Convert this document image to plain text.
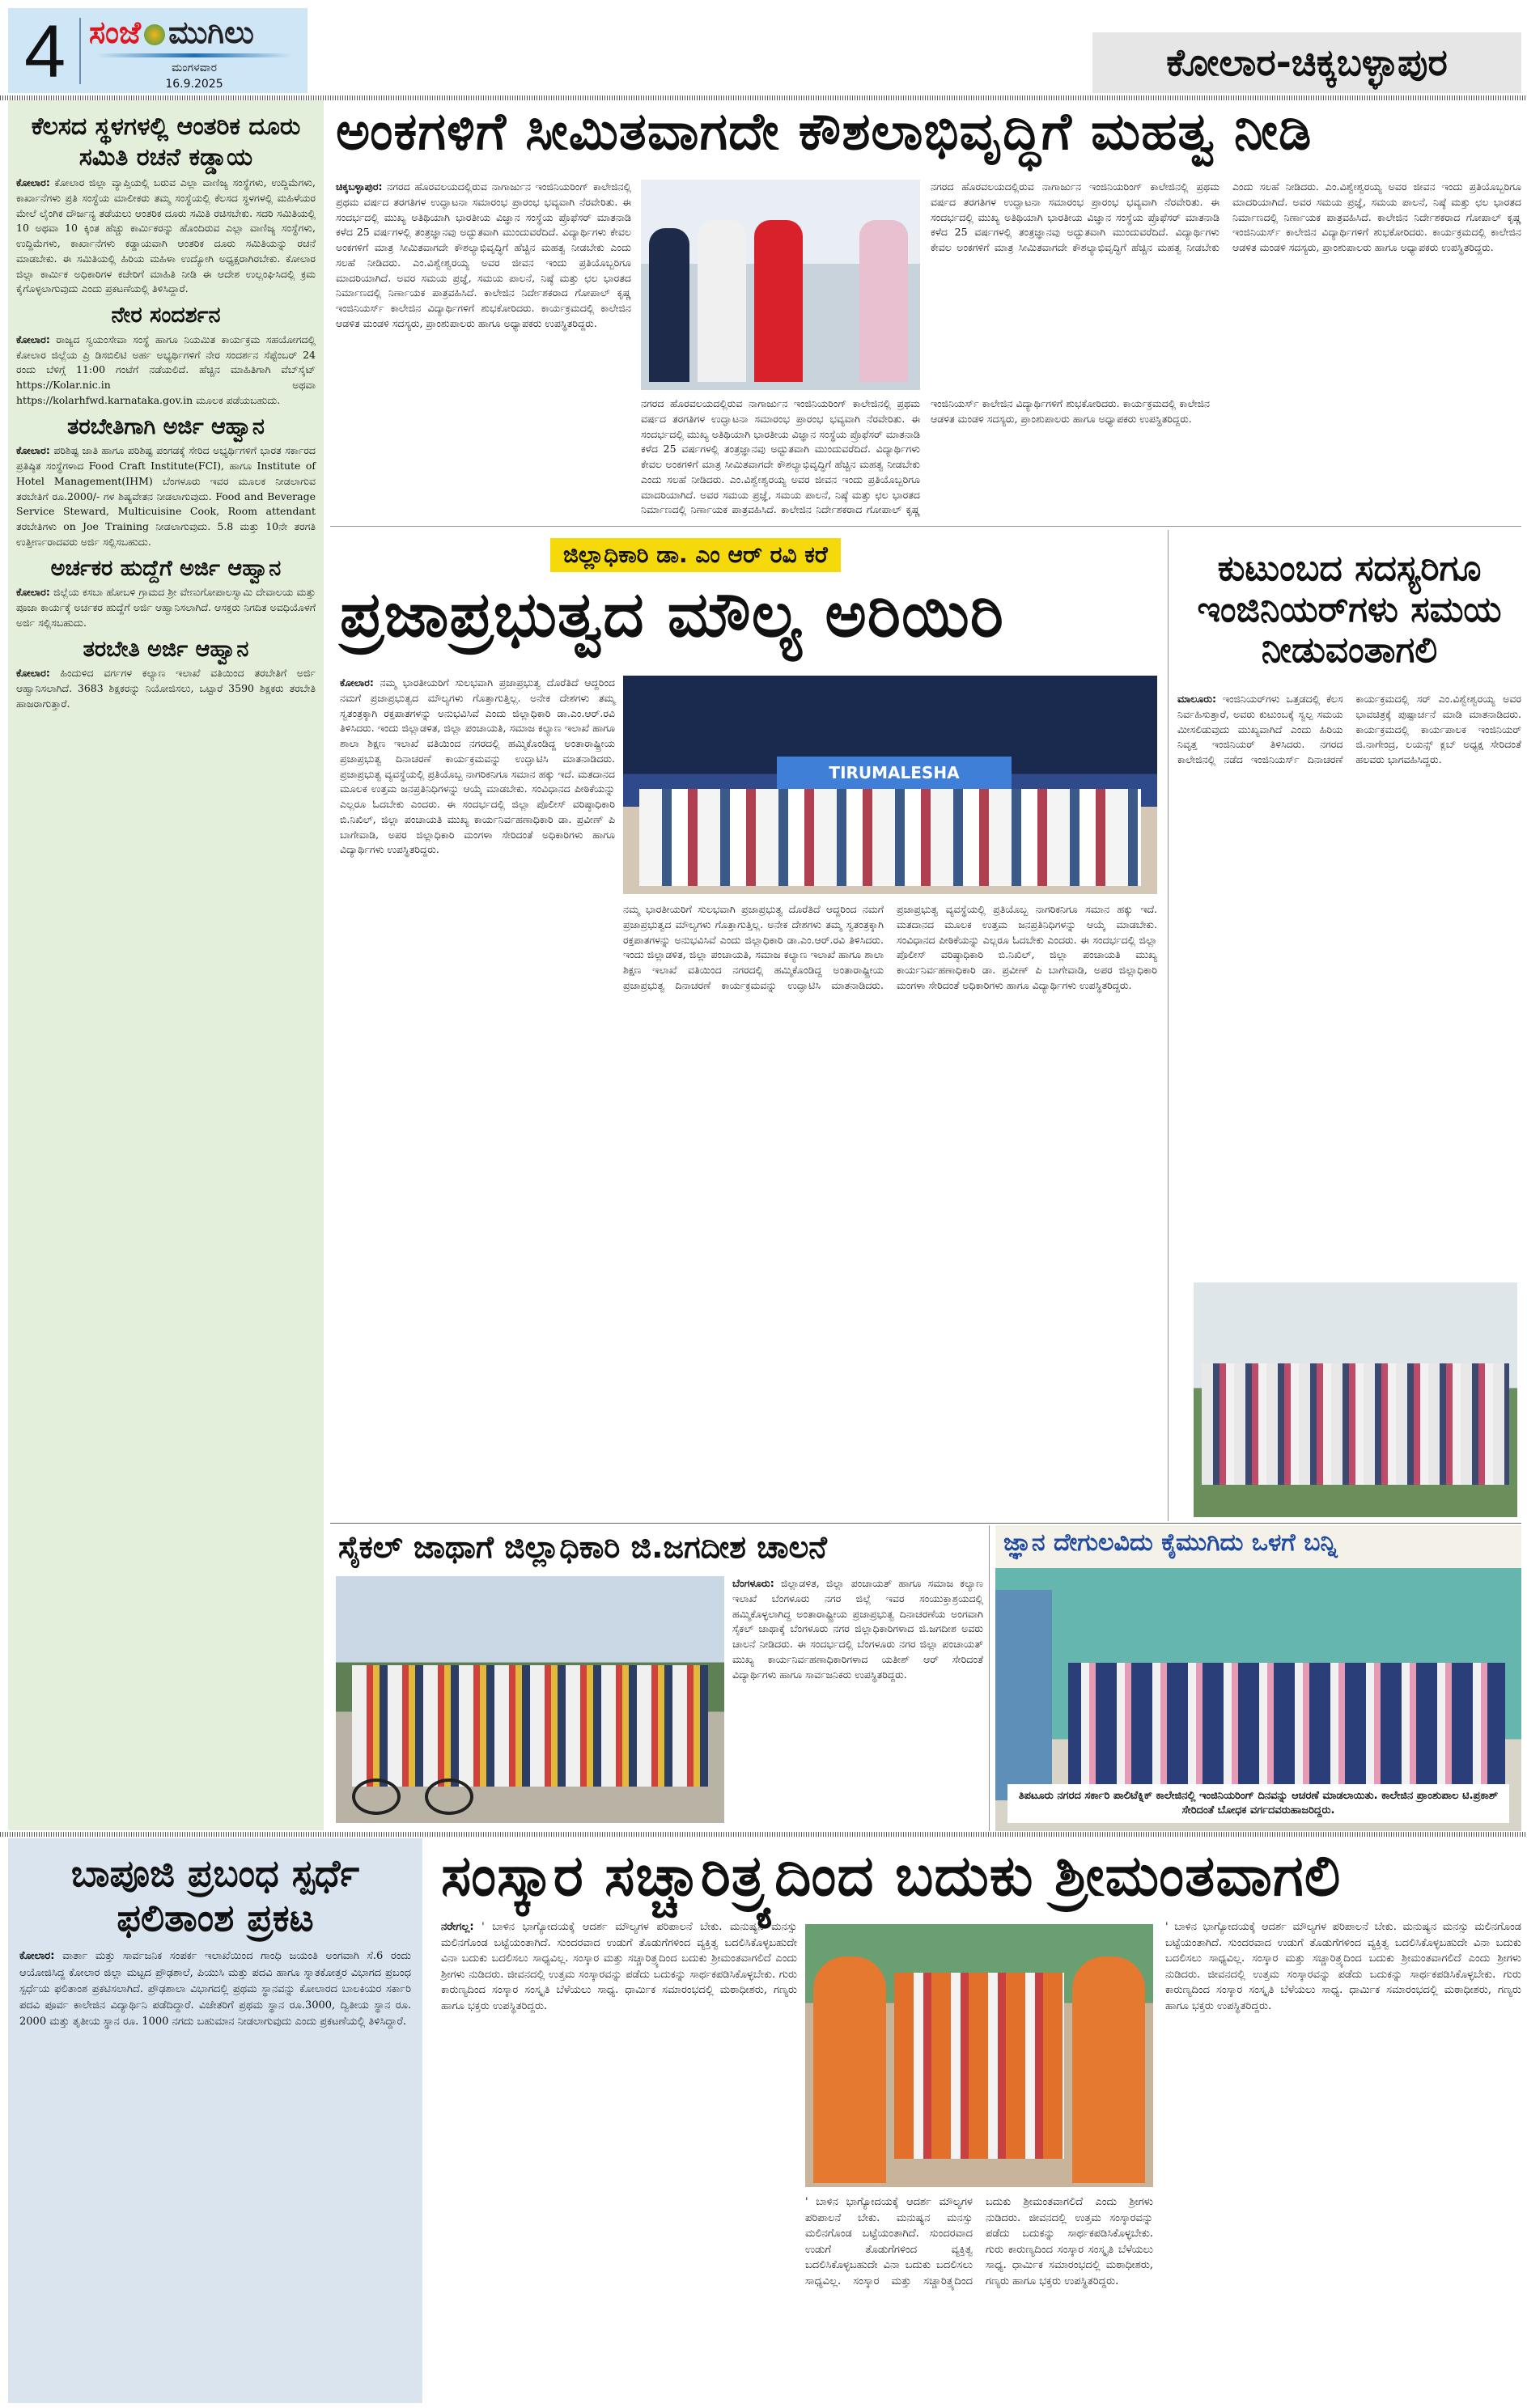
4 ಸಂಜೆ ಮುಗಿಲು
ಮಂಗಳವಾರ
16.9.2025	ಕೋಲಾರ-ಚಿಕ್ಕಬಳ್ಳಾಪುರ
ಕೆಲಸದ ಸ್ಥಳಗಳಲ್ಲಿ ಆಂತರಿಕ ದೂರು ಸಮಿತಿ ರಚನೆ ಕಡ್ಡಾಯ

ಕೋಲಾರ: ಕೋಲಾರ ಜಿಲ್ಲಾ ವ್ಯಾಪ್ತಿಯಲ್ಲಿ ಬರುವ ಎಲ್ಲಾ ವಾಣಿಜ್ಯ ಸಂಸ್ಥೆಗಳು, ಉದ್ದಿಮೆಗಳು, ಕಾರ್ಖಾನೆಗಳು ಪ್ರತಿ ಸಂಸ್ಥೆಯ ಮಾಲೀಕರು ತಮ್ಮ ಸಂಸ್ಥೆಯಲ್ಲಿ ಕೆಲಸದ ಸ್ಥಳಗಳಲ್ಲಿ ಮಹಿಳೆಯರ ಮೇಲೆ ಲೈಂಗಿಕ ದೌರ್ಜನ್ಯ ತಡೆಯಲು ಆಂತರಿಕ ದೂರು ಸಮಿತಿ ರಚಿಸಬೇಕು. ಸದರಿ ಸಮಿತಿಯಲ್ಲಿ 10 ಅಥವಾ 10 ಕ್ಕಿಂತ ಹೆಚ್ಚು ಕಾರ್ಮಿಕರನ್ನು ಹೊಂದಿರುವ ಎಲ್ಲಾ ವಾಣಿಜ್ಯ ಸಂಸ್ಥೆಗಳು, ಉದ್ದಿಮೆಗಳು, ಕಾರ್ಖಾನೆಗಳು ಕಡ್ಡಾಯವಾಗಿ ಆಂತರಿಕ ದೂರು ಸಮಿತಿಯನ್ನು ರಚನೆ ಮಾಡಬೇಕು. ಈ ಸಮಿತಿಯಲ್ಲಿ ಹಿರಿಯ ಮಹಿಳಾ ಉದ್ಯೋಗಿ ಅಧ್ಯಕ್ಷರಾಗಿರಬೇಕು. ಕೋಲಾರ ಜಿಲ್ಲಾ ಕಾರ್ಮಿಕ ಅಧಿಕಾರಿಗಳ ಕಚೇರಿಗೆ ಮಾಹಿತಿ ನೀಡಿ ಈ ಆದೇಶ ಉಲ್ಲಂಘಿಸಿದಲ್ಲಿ ಕ್ರಮ ಕೈಗೊಳ್ಳಲಾಗುವುದು ಎಂದು ಪ್ರಕಟಣೆಯಲ್ಲಿ ತಿಳಿಸಿದ್ದಾರೆ.

ನೇರ ಸಂದರ್ಶನ

ಕೋಲಾರ: ರಾಜ್ಯದ ಸ್ವಯಂಸೇವಾ ಸಂಸ್ಥೆ ಹಾಗೂ ನಿಯಮಿತ ಕಾರ್ಯಕ್ರಮ ಸಹಯೋಗದಲ್ಲಿ ಕೋಲಾರ ಜಿಲ್ಲೆಯ ಪ್ರಿ ಡಿಸಬಿಲಿಟಿ ಅರ್ಹ ಅಭ್ಯರ್ಥಿಗಳಿಗೆ ನೇರ ಸಂದರ್ಶನ ಸೆಪ್ಟೆಂಬರ್ 24 ರಂದು ಬೆಳಿಗ್ಗೆ 11:00 ಗಂಟೆಗೆ ನಡೆಯಲಿದೆ. ಹೆಚ್ಚಿನ ಮಾಹಿತಿಗಾಗಿ ವೆಬ್‌ಸೈಟ್ https://Kolar.nic.in ಅಥವಾ https://kolarhfwd.karnataka.gov.in ಮೂಲಕ ಪಡೆಯಬಹುದು.

ತರಬೇತಿಗಾಗಿ ಅರ್ಜಿ ಆಹ್ವಾನ

ಕೋಲಾರ: ಪರಿಶಿಷ್ಟ ಜಾತಿ ಹಾಗೂ ಪರಿಶಿಷ್ಟ ಪಂಗಡಕ್ಕೆ ಸೇರಿದ ಅಭ್ಯರ್ಥಿಗಳಿಗೆ ಭಾರತ ಸರ್ಕಾರದ ಪ್ರತಿಷ್ಠಿತ ಸಂಸ್ಥೆಗಳಾದ Food Craft Institute(FCI), ಹಾಗೂ Institute of Hotel Management(IHM) ಬೆಂಗಳೂರು ಇವರ ಮೂಲಕ ನೀಡಲಾಗುವ ತರಬೇತಿಗೆ ರೂ.2000/- ಗಳ ಶಿಷ್ಯವೇತನ ನೀಡಲಾಗುವುದು. Food and Beverage Service Steward, Multicuisine Cook, Room attendant ತರಬೇತಿಗಳು on Joe Training ನೀಡಲಾಗುವುದು. 5.8 ಮತ್ತು 10ನೇ ತರಗತಿ ಉತ್ತೀರ್ಣರಾದವರು ಅರ್ಜಿ ಸಲ್ಲಿಸಬಹುದು.

ಅರ್ಚಕರ ಹುದ್ದೆಗೆ ಅರ್ಜಿ ಆಹ್ವಾನ

ಕೋಲಾರ: ಜಿಲ್ಲೆಯ ಕಸಬಾ ಹೋಬಳಿ ಗ್ರಾಮದ ಶ್ರೀ ವೇಣುಗೋಪಾಲಸ್ವಾಮಿ ದೇವಾಲಯ ಮತ್ತು ಪೂಜಾ ಕಾರ್ಯಕ್ಕೆ ಅರ್ಚಕರ ಹುದ್ದೆಗೆ ಅರ್ಜಿ ಆಹ್ವಾನಿಸಲಾಗಿದೆ. ಆಸಕ್ತರು ನಿಗದಿತ ಅವಧಿಯೊಳಗೆ ಅರ್ಜಿ ಸಲ್ಲಿಸಬಹುದು.

ತರಬೇತಿ ಅರ್ಜಿ ಆಹ್ವಾನ

ಕೋಲಾರ: ಹಿಂದುಳಿದ ವರ್ಗಗಳ ಕಲ್ಯಾಣ ಇಲಾಖೆ ವತಿಯಿಂದ ತರಬೇತಿಗೆ ಅರ್ಜಿ ಆಹ್ವಾನಿಸಲಾಗಿದೆ. 3683 ಶಿಕ್ಷಕರನ್ನು ನಿಯೋಜಿಸಲು, ಒಟ್ಟಾರೆ 3590 ಶಿಕ್ಷಕರು ತರಬೇತಿ ಹಾಜರಾಗುತ್ತಾರೆ.

ಅಂಕಗಳಿಗೆ ಸೀಮಿತವಾಗದೇ ಕೌಶಲಾಭಿವೃದ್ಧಿಗೆ ಮಹತ್ವ ನೀಡಿ
ಚಿಕ್ಕಬಳ್ಳಾಪುರ: ನಗರದ ಹೊರವಲಯದಲ್ಲಿರುವ ನಾಗಾರ್ಜುನ ಇಂಜಿನಿಯರಿಂಗ್ ಕಾಲೇಜಿನಲ್ಲಿ ಪ್ರಥಮ ವರ್ಷದ ತರಗತಿಗಳ ಉದ್ಘಾಟನಾ ಸಮಾರಂಭ ಪ್ರಾರಂಭ ಭವ್ಯವಾಗಿ ನೆರವೇರಿತು. ಈ ಸಂದರ್ಭದಲ್ಲಿ ಮುಖ್ಯ ಅತಿಥಿಯಾಗಿ ಭಾರತೀಯ ವಿಜ್ಞಾನ ಸಂಸ್ಥೆಯ ಪ್ರೊಫೆಸರ್ ಮಾತನಾಡಿ ಕಳೆದ 25 ವರ್ಷಗಳಲ್ಲಿ ತಂತ್ರಜ್ಞಾನವು ಅದ್ಭುತವಾಗಿ ಮುಂದುವರೆದಿದೆ. ವಿದ್ಯಾರ್ಥಿಗಳು ಕೇವಲ ಅಂಕಗಳಿಗೆ ಮಾತ್ರ ಸೀಮಿತವಾಗದೇ ಕೌಶಲ್ಯಾಭಿವೃದ್ಧಿಗೆ ಹೆಚ್ಚಿನ ಮಹತ್ವ ನೀಡಬೇಕು ಎಂದು ಸಲಹೆ ನೀಡಿದರು. ಎಂ.ವಿಶ್ವೇಶ್ವರಯ್ಯ ಅವರ ಜೀವನ ಇಂದು ಪ್ರತಿಯೊಬ್ಬರಿಗೂ ಮಾದರಿಯಾಗಿದೆ. ಅವರ ಸಮಯ ಪ್ರಜ್ಞೆ, ಸಮಯ ಪಾಲನೆ, ನಿಷ್ಠೆ ಮತ್ತು ಛಲ ಭಾರತದ ನಿರ್ಮಾಣದಲ್ಲಿ ನಿರ್ಣಾಯಕ ಪಾತ್ರವಹಿಸಿದೆ. ಕಾಲೇಜಿನ ನಿರ್ದೇಶಕರಾದ ಗೋಪಾಲ್ ಕೃಷ್ಣ ಇಂಜಿನಿಯರ್ಸ್ ಕಾಲೇಜಿನ ವಿದ್ಯಾರ್ಥಿಗಳಿಗೆ ಶುಭಕೋರಿದರು. ಕಾರ್ಯಕ್ರಮದಲ್ಲಿ ಕಾಲೇಜಿನ ಆಡಳಿತ ಮಂಡಳಿ ಸದಸ್ಯರು, ಪ್ರಾಂಶುಪಾಲರು ಹಾಗೂ ಅಧ್ಯಾಪಕರು ಉಪಸ್ಥಿತರಿದ್ದರು.
ನಗರದ ಹೊರವಲಯದಲ್ಲಿರುವ ನಾಗಾರ್ಜುನ ಇಂಜಿನಿಯರಿಂಗ್ ಕಾಲೇಜಿನಲ್ಲಿ ಪ್ರಥಮ ವರ್ಷದ ತರಗತಿಗಳ ಉದ್ಘಾಟನಾ ಸಮಾರಂಭ ಪ್ರಾರಂಭ ಭವ್ಯವಾಗಿ ನೆರವೇರಿತು. ಈ ಸಂದರ್ಭದಲ್ಲಿ ಮುಖ್ಯ ಅತಿಥಿಯಾಗಿ ಭಾರತೀಯ ವಿಜ್ಞಾನ ಸಂಸ್ಥೆಯ ಪ್ರೊಫೆಸರ್ ಮಾತನಾಡಿ ಕಳೆದ 25 ವರ್ಷಗಳಲ್ಲಿ ತಂತ್ರಜ್ಞಾನವು ಅದ್ಭುತವಾಗಿ ಮುಂದುವರೆದಿದೆ. ವಿದ್ಯಾರ್ಥಿಗಳು ಕೇವಲ ಅಂಕಗಳಿಗೆ ಮಾತ್ರ ಸೀಮಿತವಾಗದೇ ಕೌಶಲ್ಯಾಭಿವೃದ್ಧಿಗೆ ಹೆಚ್ಚಿನ ಮಹತ್ವ ನೀಡಬೇಕು ಎಂದು ಸಲಹೆ ನೀಡಿದರು. ಎಂ.ವಿಶ್ವೇಶ್ವರಯ್ಯ ಅವರ ಜೀವನ ಇಂದು ಪ್ರತಿಯೊಬ್ಬರಿಗೂ ಮಾದರಿಯಾಗಿದೆ. ಅವರ ಸಮಯ ಪ್ರಜ್ಞೆ, ಸಮಯ ಪಾಲನೆ, ನಿಷ್ಠೆ ಮತ್ತು ಛಲ ಭಾರತದ ನಿರ್ಮಾಣದಲ್ಲಿ ನಿರ್ಣಾಯಕ ಪಾತ್ರವಹಿಸಿದೆ. ಕಾಲೇಜಿನ ನಿರ್ದೇಶಕರಾದ ಗೋಪಾಲ್ ಕೃಷ್ಣ ಇಂಜಿನಿಯರ್ಸ್ ಕಾಲೇಜಿನ ವಿದ್ಯಾರ್ಥಿಗಳಿಗೆ ಶುಭಕೋರಿದರು. ಕಾರ್ಯಕ್ರಮದಲ್ಲಿ ಕಾಲೇಜಿನ ಆಡಳಿತ ಮಂಡಳಿ ಸದಸ್ಯರು, ಪ್ರಾಂಶುಪಾಲರು ಹಾಗೂ ಅಧ್ಯಾಪಕರು ಉಪಸ್ಥಿತರಿದ್ದರು.
ನಗರದ ಹೊರವಲಯದಲ್ಲಿರುವ ನಾಗಾರ್ಜುನ ಇಂಜಿನಿಯರಿಂಗ್ ಕಾಲೇಜಿನಲ್ಲಿ ಪ್ರಥಮ ವರ್ಷದ ತರಗತಿಗಳ ಉದ್ಘಾಟನಾ ಸಮಾರಂಭ ಪ್ರಾರಂಭ ಭವ್ಯವಾಗಿ ನೆರವೇರಿತು. ಈ ಸಂದರ್ಭದಲ್ಲಿ ಮುಖ್ಯ ಅತಿಥಿಯಾಗಿ ಭಾರತೀಯ ವಿಜ್ಞಾನ ಸಂಸ್ಥೆಯ ಪ್ರೊಫೆಸರ್ ಮಾತನಾಡಿ ಕಳೆದ 25 ವರ್ಷಗಳಲ್ಲಿ ತಂತ್ರಜ್ಞಾನವು ಅದ್ಭುತವಾಗಿ ಮುಂದುವರೆದಿದೆ. ವಿದ್ಯಾರ್ಥಿಗಳು ಕೇವಲ ಅಂಕಗಳಿಗೆ ಮಾತ್ರ ಸೀಮಿತವಾಗದೇ ಕೌಶಲ್ಯಾಭಿವೃದ್ಧಿಗೆ ಹೆಚ್ಚಿನ ಮಹತ್ವ ನೀಡಬೇಕು ಎಂದು ಸಲಹೆ ನೀಡಿದರು. ಎಂ.ವಿಶ್ವೇಶ್ವರಯ್ಯ ಅವರ ಜೀವನ ಇಂದು ಪ್ರತಿಯೊಬ್ಬರಿಗೂ ಮಾದರಿಯಾಗಿದೆ. ಅವರ ಸಮಯ ಪ್ರಜ್ಞೆ, ಸಮಯ ಪಾಲನೆ, ನಿಷ್ಠೆ ಮತ್ತು ಛಲ ಭಾರತದ ನಿರ್ಮಾಣದಲ್ಲಿ ನಿರ್ಣಾಯಕ ಪಾತ್ರವಹಿಸಿದೆ. ಕಾಲೇಜಿನ ನಿರ್ದೇಶಕರಾದ ಗೋಪಾಲ್ ಕೃಷ್ಣ ಇಂಜಿನಿಯರ್ಸ್ ಕಾಲೇಜಿನ ವಿದ್ಯಾರ್ಥಿಗಳಿಗೆ ಶುಭಕೋರಿದರು. ಕಾರ್ಯಕ್ರಮದಲ್ಲಿ ಕಾಲೇಜಿನ ಆಡಳಿತ ಮಂಡಳಿ ಸದಸ್ಯರು, ಪ್ರಾಂಶುಪಾಲರು ಹಾಗೂ ಅಧ್ಯಾಪಕರು ಉಪಸ್ಥಿತರಿದ್ದರು.
ಜಿಲ್ಲಾಧಿಕಾರಿ ಡಾ. ಎಂ ಆರ್ ರವಿ ಕರೆ
ಪ್ರಜಾಪ್ರಭುತ್ವದ ಮೌಲ್ಯ ಅರಿಯಿರಿ
ಕೋಲಾರ: ನಮ್ಮ ಭಾರತೀಯರಿಗೆ ಸುಲಭವಾಗಿ ಪ್ರಜಾಪ್ರಭುತ್ವ ದೊರೆತಿದೆ ಆದ್ದರಿಂದ ನಮಗೆ ಪ್ರಜಾಪ್ರಭುತ್ವದ ಮೌಲ್ಯಗಳು ಗೊತ್ತಾಗುತ್ತಿಲ್ಲ. ಅನೇಕ ದೇಶಗಳು ತಮ್ಮ ಸ್ವತಂತ್ರಕ್ಕಾಗಿ ರಕ್ತಪಾತಗಳನ್ನು ಅನುಭವಿಸಿವೆ ಎಂದು ಜಿಲ್ಲಾಧಿಕಾರಿ ಡಾ.ಎಂ.ಆರ್.ರವಿ ತಿಳಿಸಿದರು. ಇಂದು ಜಿಲ್ಲಾಡಳಿತ, ಜಿಲ್ಲಾ ಪಂಚಾಯತಿ, ಸಮಾಜ ಕಲ್ಯಾಣ ಇಲಾಖೆ ಹಾಗೂ ಶಾಲಾ ಶಿಕ್ಷಣ ಇಲಾಖೆ ವತಿಯಿಂದ ನಗರದಲ್ಲಿ ಹಮ್ಮಿಕೊಂಡಿದ್ದ ಅಂತಾರಾಷ್ಟ್ರೀಯ ಪ್ರಜಾಪ್ರಭುತ್ವ ದಿನಾಚರಣೆ ಕಾರ್ಯಕ್ರಮವನ್ನು ಉದ್ಘಾಟಿಸಿ ಮಾತನಾಡಿದರು. ಪ್ರಜಾಪ್ರಭುತ್ವ ವ್ಯವಸ್ಥೆಯಲ್ಲಿ ಪ್ರತಿಯೊಬ್ಬ ನಾಗರಿಕನಿಗೂ ಸಮಾನ ಹಕ್ಕು ಇದೆ. ಮತದಾನದ ಮೂಲಕ ಉತ್ತಮ ಜನಪ್ರತಿನಿಧಿಗಳನ್ನು ಆಯ್ಕೆ ಮಾಡಬೇಕು. ಸಂವಿಧಾನದ ಪೀಠಿಕೆಯನ್ನು ಎಲ್ಲರೂ ಓದಬೇಕು ಎಂದರು. ಈ ಸಂದರ್ಭದಲ್ಲಿ ಜಿಲ್ಲಾ ಪೊಲೀಸ್ ವರಿಷ್ಠಾಧಿಕಾರಿ ಬಿ.ನಿಖಿಲ್, ಜಿಲ್ಲಾ ಪಂಚಾಯತಿ ಮುಖ್ಯ ಕಾರ್ಯನಿರ್ವಹಣಾಧಿಕಾರಿ ಡಾ. ಪ್ರವೀಣ್ ಪಿ ಬಾಗೇವಾಡಿ, ಅಪರ ಜಿಲ್ಲಾಧಿಕಾರಿ ಮಂಗಳಾ ಸೇರಿದಂತೆ ಅಧಿಕಾರಿಗಳು ಹಾಗೂ ವಿದ್ಯಾರ್ಥಿಗಳು ಉಪಸ್ಥಿತರಿದ್ದರು.
TIRUMALESHA
ನಮ್ಮ ಭಾರತೀಯರಿಗೆ ಸುಲಭವಾಗಿ ಪ್ರಜಾಪ್ರಭುತ್ವ ದೊರೆತಿದೆ ಆದ್ದರಿಂದ ನಮಗೆ ಪ್ರಜಾಪ್ರಭುತ್ವದ ಮೌಲ್ಯಗಳು ಗೊತ್ತಾಗುತ್ತಿಲ್ಲ. ಅನೇಕ ದೇಶಗಳು ತಮ್ಮ ಸ್ವತಂತ್ರಕ್ಕಾಗಿ ರಕ್ತಪಾತಗಳನ್ನು ಅನುಭವಿಸಿವೆ ಎಂದು ಜಿಲ್ಲಾಧಿಕಾರಿ ಡಾ.ಎಂ.ಆರ್.ರವಿ ತಿಳಿಸಿದರು. ಇಂದು ಜಿಲ್ಲಾಡಳಿತ, ಜಿಲ್ಲಾ ಪಂಚಾಯತಿ, ಸಮಾಜ ಕಲ್ಯಾಣ ಇಲಾಖೆ ಹಾಗೂ ಶಾಲಾ ಶಿಕ್ಷಣ ಇಲಾಖೆ ವತಿಯಿಂದ ನಗರದಲ್ಲಿ ಹಮ್ಮಿಕೊಂಡಿದ್ದ ಅಂತಾರಾಷ್ಟ್ರೀಯ ಪ್ರಜಾಪ್ರಭುತ್ವ ದಿನಾಚರಣೆ ಕಾರ್ಯಕ್ರಮವನ್ನು ಉದ್ಘಾಟಿಸಿ ಮಾತನಾಡಿದರು. ಪ್ರಜಾಪ್ರಭುತ್ವ ವ್ಯವಸ್ಥೆಯಲ್ಲಿ ಪ್ರತಿಯೊಬ್ಬ ನಾಗರಿಕನಿಗೂ ಸಮಾನ ಹಕ್ಕು ಇದೆ. ಮತದಾನದ ಮೂಲಕ ಉತ್ತಮ ಜನಪ್ರತಿನಿಧಿಗಳನ್ನು ಆಯ್ಕೆ ಮಾಡಬೇಕು. ಸಂವಿಧಾನದ ಪೀಠಿಕೆಯನ್ನು ಎಲ್ಲರೂ ಓದಬೇಕು ಎಂದರು. ಈ ಸಂದರ್ಭದಲ್ಲಿ ಜಿಲ್ಲಾ ಪೊಲೀಸ್ ವರಿಷ್ಠಾಧಿಕಾರಿ ಬಿ.ನಿಖಿಲ್, ಜಿಲ್ಲಾ ಪಂಚಾಯತಿ ಮುಖ್ಯ ಕಾರ್ಯನಿರ್ವಹಣಾಧಿಕಾರಿ ಡಾ. ಪ್ರವೀಣ್ ಪಿ ಬಾಗೇವಾಡಿ, ಅಪರ ಜಿಲ್ಲಾಧಿಕಾರಿ ಮಂಗಳಾ ಸೇರಿದಂತೆ ಅಧಿಕಾರಿಗಳು ಹಾಗೂ ವಿದ್ಯಾರ್ಥಿಗಳು ಉಪಸ್ಥಿತರಿದ್ದರು.
ಕುಟುಂಬದ ಸದಸ್ಯರಿಗೂ ಇಂಜಿನಿಯರ್‌ಗಳು ಸಮಯ ನೀಡುವಂತಾಗಲಿ
ಮಾಲೂರು: ಇಂಜಿನಿಯರ್‌ಗಳು ಒತ್ತಡದಲ್ಲಿ ಕೆಲಸ ನಿರ್ವಹಿಸುತ್ತಾರೆ, ಅವರು ಕುಟುಂಬಕ್ಕೆ ಸ್ವಲ್ಪ ಸಮಯ ಮೀಸಲಿಡುವುದು ಮುಖ್ಯವಾಗಿದೆ ಎಂದು ಹಿರಿಯ ನಿವೃತ್ತ ಇಂಜಿನಿಯರ್ ತಿಳಿಸಿದರು. ನಗರದ ಕಾಲೇಜಿನಲ್ಲಿ ನಡೆದ ಇಂಜಿನಿಯರ್ಸ್ ದಿನಾಚರಣೆ ಕಾರ್ಯಕ್ರಮದಲ್ಲಿ ಸರ್ ಎಂ.ವಿಶ್ವೇಶ್ವರಯ್ಯ ಅವರ ಭಾವಚಿತ್ರಕ್ಕೆ ಪುಷ್ಪಾರ್ಚನೆ ಮಾಡಿ ಮಾತನಾಡಿದರು. ಕಾರ್ಯಕ್ರಮದಲ್ಲಿ ಕಾರ್ಯಪಾಲಕ ಇಂಜಿನಿಯರ್ ಜಿ.ನಾಗೇಂದ್ರ, ಲಯನ್ಸ್ ಕ್ಲಬ್ ಅಧ್ಯಕ್ಷ ಸೇರಿದಂತೆ ಹಲವರು ಭಾಗವಹಿಸಿದ್ದರು.
ಸೈಕಲ್ ಜಾಥಾಗೆ ಜಿಲ್ಲಾಧಿಕಾರಿ ಜಿ.ಜಗದೀಶ ಚಾಲನೆ
ಬೆಂಗಳೂರು: ಜಿಲ್ಲಾಡಳಿತ, ಜಿಲ್ಲಾ ಪಂಚಾಯತ್ ಹಾಗೂ ಸಮಾಜ ಕಲ್ಯಾಣ ಇಲಾಖೆ ಬೆಂಗಳೂರು ನಗರ ಜಿಲ್ಲೆ ಇವರ ಸಂಯುಕ್ತಾಶ್ರಯದಲ್ಲಿ ಹಮ್ಮಿಕೊಳ್ಳಲಾಗಿದ್ದ ಅಂತಾರಾಷ್ಟ್ರೀಯ ಪ್ರಜಾಪ್ರಭುತ್ವ ದಿನಾಚರಣೆಯ ಅಂಗವಾಗಿ ಸೈಕಲ್ ಜಾಥಾಕ್ಕೆ ಬೆಂಗಳೂರು ನಗರ ಜಿಲ್ಲಾಧಿಕಾರಿಗಳಾದ ಜಿ.ಜಗದೀಶ ಅವರು ಚಾಲನೆ ನೀಡಿದರು. ಈ ಸಂದರ್ಭದಲ್ಲಿ ಬೆಂಗಳೂರು ನಗರ ಜಿಲ್ಲಾ ಪಂಚಾಯತ್ ಮುಖ್ಯ ಕಾರ್ಯನಿರ್ವಹಣಾಧಿಕಾರಿಗಳಾದ ಯತೀಶ್ ಆರ್ ಸೇರಿದಂತೆ ವಿದ್ಯಾರ್ಥಿಗಳು ಹಾಗೂ ಸಾರ್ವಜನಿಕರು ಉಪಸ್ಥಿತರಿದ್ದರು.
ಜ್ಞಾನ ದೇಗುಲವಿದು ಕೈಮುಗಿದು ಒಳಗೆ ಬನ್ನಿ
ತಿಪಟೂರು ನಗರದ ಸರ್ಕಾರಿ ಪಾಲಿಟೆಕ್ನಿಕ್ ಕಾಲೇಜಿನಲ್ಲಿ ಇಂಜಿನಿಯರಿಂಗ್ ದಿನವನ್ನು ಆಚರಣೆ ಮಾಡಲಾಯಿತು. ಕಾಲೇಜಿನ ಪ್ರಾಂಶುಪಾಲ ಟಿ.ಪ್ರಕಾಶ್ ಸೇರಿದಂತೆ ಬೋಧಕ ವರ್ಗದವರುಹಾಜರಿದ್ದರು.
ಬಾಪೂಜಿ ಪ್ರಬಂಧ ಸ್ಪರ್ಧೆ ಫಲಿತಾಂಶ ಪ್ರಕಟ

ಕೋಲಾರ: ವಾರ್ತಾ ಮತ್ತು ಸಾರ್ವಜನಿಕ ಸಂಪರ್ಕ ಇಲಾಖೆಯಿಂದ ಗಾಂಧಿ ಜಯಂತಿ ಅಂಗವಾಗಿ ಸೆ.6 ರಂದು ಆಯೋಜಿಸಿದ್ದ ಕೋಲಾರ ಜಿಲ್ಲಾ ಮಟ್ಟದ ಪ್ರೌಢಶಾಲೆ, ಪಿಯುಸಿ ಮತ್ತು ಪದವಿ ಹಾಗೂ ಸ್ನಾತಕೋತ್ತರ ವಿಭಾಗದ ಪ್ರಬಂಧ ಸ್ಪರ್ಧೆಯ ಫಲಿತಾಂಶ ಪ್ರಕಟಿಸಲಾಗಿದೆ. ಪ್ರೌಢಶಾಲಾ ವಿಭಾಗದಲ್ಲಿ ಪ್ರಥಮ ಸ್ಥಾನವನ್ನು ಕೋಲಾರದ ಬಾಲಕಿಯರ ಸರ್ಕಾರಿ ಪದವಿ ಪೂರ್ವ ಕಾಲೇಜಿನ ವಿದ್ಯಾರ್ಥಿನಿ ಪಡೆದಿದ್ದಾರೆ. ವಿಜೇತರಿಗೆ ಪ್ರಥಮ ಸ್ಥಾನ ರೂ.3000, ದ್ವಿತೀಯ ಸ್ಥಾನ ರೂ. 2000 ಮತ್ತು ತೃತೀಯ ಸ್ಥಾನ ರೂ. 1000 ನಗದು ಬಹುಮಾನ ನೀಡಲಾಗುವುದು ಎಂದು ಪ್ರಕಟಣೆಯಲ್ಲಿ ತಿಳಿಸಿದ್ದಾರೆ.

ಸಂಸ್ಕಾರ ಸಚ್ಚಾರಿತ್ರ್ಯದಿಂದ ಬದುಕು ಶ್ರೀಮಂತವಾಗಲಿ
ನರೇಗಲ್ಲ: ' ಬಾಳಿನ ಭಾಗ್ಯೋದಯಕ್ಕೆ ಆದರ್ಶ ಮೌಲ್ಯಗಳ ಪರಿಪಾಲನೆ ಬೇಕು. ಮನುಷ್ಯನ ಮನಸ್ಸು ಮಲಿನಗೊಂಡ ಬಟ್ಟೆಯಂತಾಗಿದೆ. ಸುಂದರವಾದ ಉಡುಗೆ ತೊಡುಗೆಗಳಿಂದ ವ್ಯಕ್ತಿತ್ವ ಬದಲಿಸಿಕೊಳ್ಳಬಹುದೇ ವಿನಾ ಬದುಕು ಬದಲಿಸಲು ಸಾಧ್ಯವಿಲ್ಲ. ಸಂಸ್ಕಾರ ಮತ್ತು ಸಚ್ಚಾರಿತ್ರ್ಯದಿಂದ ಬದುಕು ಶ್ರೀಮಂತವಾಗಲಿದೆ ಎಂದು ಶ್ರೀಗಳು ನುಡಿದರು. ಜೀವನದಲ್ಲಿ ಉತ್ತಮ ಸಂಸ್ಕಾರವನ್ನು ಪಡೆದು ಬದುಕನ್ನು ಸಾರ್ಥಕಪಡಿಸಿಕೊಳ್ಳಬೇಕು. ಗುರು ಕಾರುಣ್ಯದಿಂದ ಸಂಸ್ಕಾರ ಸಂಸ್ಕೃತಿ ಬೆಳೆಯಲು ಸಾಧ್ಯ. ಧಾರ್ಮಿಕ ಸಮಾರಂಭದಲ್ಲಿ ಮಠಾಧೀಶರು, ಗಣ್ಯರು ಹಾಗೂ ಭಕ್ತರು ಉಪಸ್ಥಿತರಿದ್ದರು.
' ಬಾಳಿನ ಭಾಗ್ಯೋದಯಕ್ಕೆ ಆದರ್ಶ ಮೌಲ್ಯಗಳ ಪರಿಪಾಲನೆ ಬೇಕು. ಮನುಷ್ಯನ ಮನಸ್ಸು ಮಲಿನಗೊಂಡ ಬಟ್ಟೆಯಂತಾಗಿದೆ. ಸುಂದರವಾದ ಉಡುಗೆ ತೊಡುಗೆಗಳಿಂದ ವ್ಯಕ್ತಿತ್ವ ಬದಲಿಸಿಕೊಳ್ಳಬಹುದೇ ವಿನಾ ಬದುಕು ಬದಲಿಸಲು ಸಾಧ್ಯವಿಲ್ಲ. ಸಂಸ್ಕಾರ ಮತ್ತು ಸಚ್ಚಾರಿತ್ರ್ಯದಿಂದ ಬದುಕು ಶ್ರೀಮಂತವಾಗಲಿದೆ ಎಂದು ಶ್ರೀಗಳು ನುಡಿದರು. ಜೀವನದಲ್ಲಿ ಉತ್ತಮ ಸಂಸ್ಕಾರವನ್ನು ಪಡೆದು ಬದುಕನ್ನು ಸಾರ್ಥಕಪಡಿಸಿಕೊಳ್ಳಬೇಕು. ಗುರು ಕಾರುಣ್ಯದಿಂದ ಸಂಸ್ಕಾರ ಸಂಸ್ಕೃತಿ ಬೆಳೆಯಲು ಸಾಧ್ಯ. ಧಾರ್ಮಿಕ ಸಮಾರಂಭದಲ್ಲಿ ಮಠಾಧೀಶರು, ಗಣ್ಯರು ಹಾಗೂ ಭಕ್ತರು ಉಪಸ್ಥಿತರಿದ್ದರು.
' ಬಾಳಿನ ಭಾಗ್ಯೋದಯಕ್ಕೆ ಆದರ್ಶ ಮೌಲ್ಯಗಳ ಪರಿಪಾಲನೆ ಬೇಕು. ಮನುಷ್ಯನ ಮನಸ್ಸು ಮಲಿನಗೊಂಡ ಬಟ್ಟೆಯಂತಾಗಿದೆ. ಸುಂದರವಾದ ಉಡುಗೆ ತೊಡುಗೆಗಳಿಂದ ವ್ಯಕ್ತಿತ್ವ ಬದಲಿಸಿಕೊಳ್ಳಬಹುದೇ ವಿನಾ ಬದುಕು ಬದಲಿಸಲು ಸಾಧ್ಯವಿಲ್ಲ. ಸಂಸ್ಕಾರ ಮತ್ತು ಸಚ್ಚಾರಿತ್ರ್ಯದಿಂದ ಬದುಕು ಶ್ರೀಮಂತವಾಗಲಿದೆ ಎಂದು ಶ್ರೀಗಳು ನುಡಿದರು. ಜೀವನದಲ್ಲಿ ಉತ್ತಮ ಸಂಸ್ಕಾರವನ್ನು ಪಡೆದು ಬದುಕನ್ನು ಸಾರ್ಥಕಪಡಿಸಿಕೊಳ್ಳಬೇಕು. ಗುರು ಕಾರುಣ್ಯದಿಂದ ಸಂಸ್ಕಾರ ಸಂಸ್ಕೃತಿ ಬೆಳೆಯಲು ಸಾಧ್ಯ. ಧಾರ್ಮಿಕ ಸಮಾರಂಭದಲ್ಲಿ ಮಠಾಧೀಶರು, ಗಣ್ಯರು ಹಾಗೂ ಭಕ್ತರು ಉಪಸ್ಥಿತರಿದ್ದರು.
